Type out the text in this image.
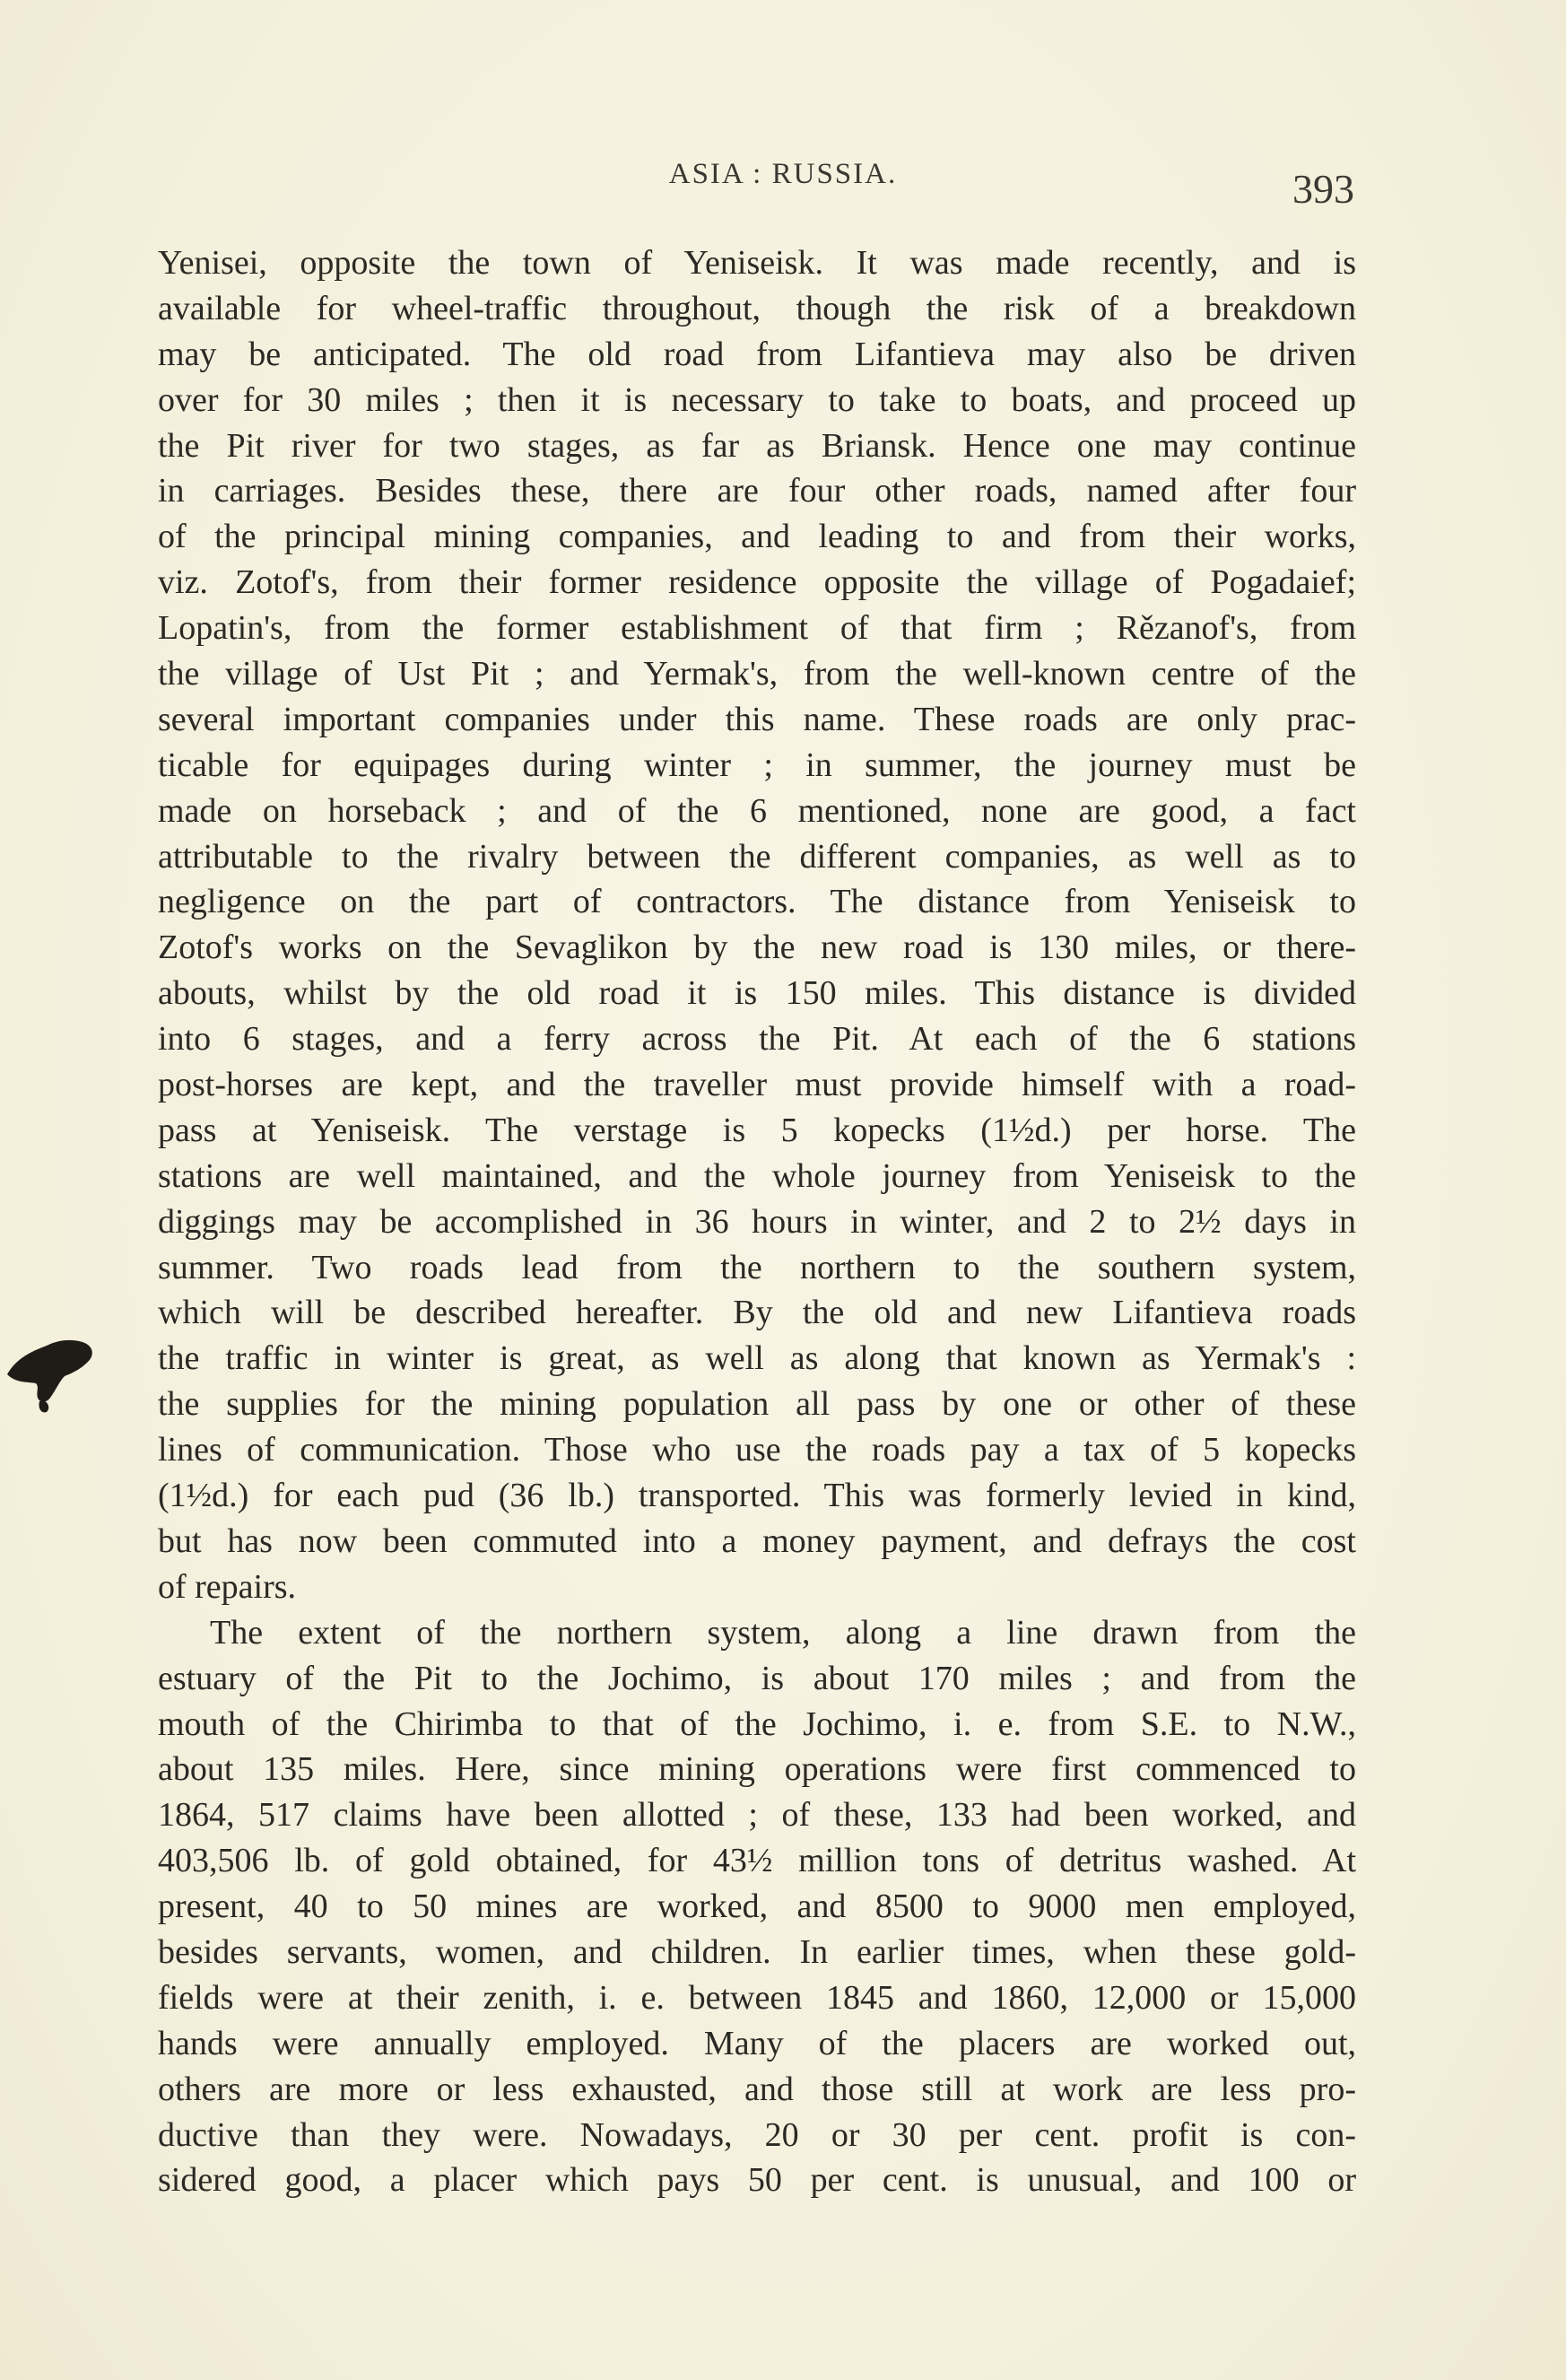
ASIA : RUSSIA.	393
Yenisei, opposite the town of Yeniseisk. It was made recently, and is
available for wheel-traffic throughout, though the risk of a breakdown
may be anticipated. The old road from Lifantieva may also be driven
over for 30 miles ; then it is necessary to take to boats, and proceed up
the Pit river for two stages, as far as Briansk. Hence one may continue
in carriages. Besides these, there are four other roads, named after four
of the principal mining companies, and leading to and from their works,
viz. Zotof's, from their former residence opposite the village of Pogadaief;
Lopatin's, from the former establishment of that firm ; Rězanof's, from
the village of Ust Pit ; and Yermak's, from the well-known centre of the
several important companies under this name. These roads are only prac-
ticable for equipages during winter ; in summer, the journey must be
made on horseback ; and of the 6 mentioned, none are good, a fact
attributable to the rivalry between the different companies, as well as to
negligence on the part of contractors. The distance from Yeniseisk to
Zotof's works on the Sevaglikon by the new road is 130 miles, or there-
abouts, whilst by the old road it is 150 miles. This distance is divided
into 6 stages, and a ferry across the Pit. At each of the 6 stations
post-horses are kept, and the traveller must provide himself with a road-
pass at Yeniseisk. The verstage is 5 kopecks (1½d.) per horse. The
stations are well maintained, and the whole journey from Yeniseisk to the
diggings may be accomplished in 36 hours in winter, and 2 to 2½ days in
summer. Two roads lead from the northern to the southern system,
which will be described hereafter. By the old and new Lifantieva roads
the traffic in winter is great, as well as along that known as Yermak's :
the supplies for the mining population all pass by one or other of these
lines of communication. Those who use the roads pay a tax of 5 kopecks
(1½d.) for each pud (36 lb.) transported. This was formerly levied in kind,
but has now been commuted into a money payment, and defrays the cost
of repairs.
The extent of the northern system, along a line drawn from the
estuary of the Pit to the Jochimo, is about 170 miles ; and from the
mouth of the Chirimba to that of the Jochimo, i. e. from S.E. to N.W.,
about 135 miles. Here, since mining operations were first commenced to
1864, 517 claims have been allotted ; of these, 133 had been worked, and
403,506 lb. of gold obtained, for 43½ million tons of detritus washed. At
present, 40 to 50 mines are worked, and 8500 to 9000 men employed,
besides servants, women, and children. In earlier times, when these gold-
fields were at their zenith, i. e. between 1845 and 1860, 12,000 or 15,000
hands were annually employed. Many of the placers are worked out,
others are more or less exhausted, and those still at work are less pro-
ductive than they were. Nowadays, 20 or 30 per cent. profit is con-
sidered good, a placer which pays 50 per cent. is unusual, and 100 or
